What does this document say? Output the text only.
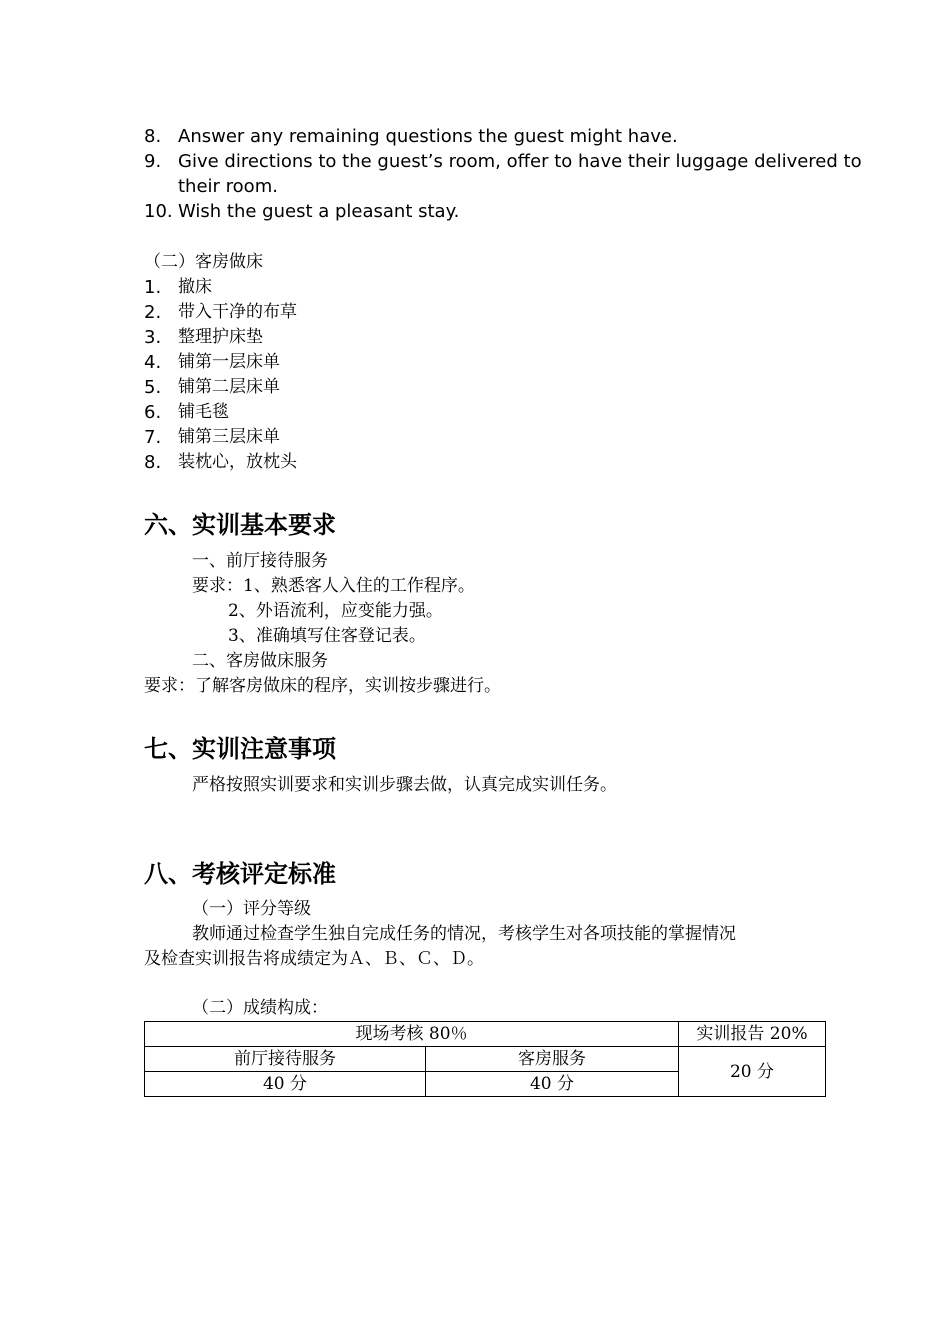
8. Answer any remaining questions the guest might have.
9. Give directions to the guest’s room, offer to have their luggage delivered to their room.
10. Wish the guest a pleasant stay.
（二）客房做床
1. 撤床
2. 带入干净的布草
3. 整理护床垫
4. 铺第一层床单
5. 铺第二层床单
6. 铺毛毯
7. 铺第三层床单
8. 装枕心，放枕头
六、实训基本要求
一、前厅接待服务
要求：1、熟悉客人入住的工作程序。
2、外语流利，应变能力强。
3、准确填写住客登记表。
二、客房做床服务
要求：了解客房做床的程序，实训按步骤进行。
七、实训注意事项
严格按照实训要求和实训步骤去做，认真完成实训任务。
八、考核评定标准
（一）评分等级
教师通过检查学生独自完成任务的情况，考核学生对各项技能的掌握情况
及检查实训报告将成绩定为Ａ、Ｂ、Ｃ、Ｄ。
（二）成绩构成：
现场考核 80％		实训报告 20%
前厅接待服务	客房服务	20 分
40 分	40 分	
